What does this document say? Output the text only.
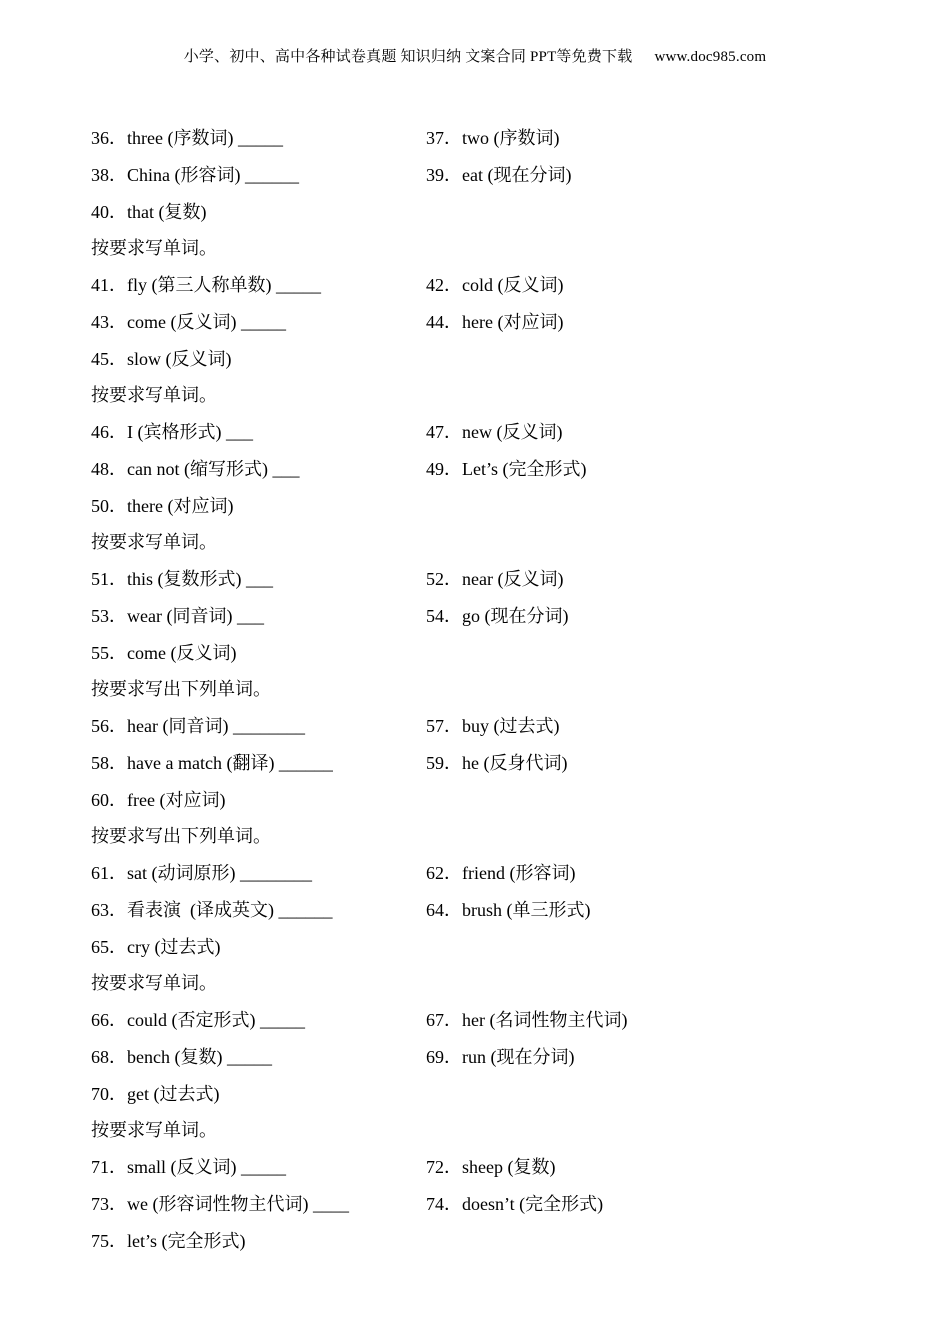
小学、初中、高中各种试卷真题 知识归纳 文案合同 PPT等免费下载 www.doc985.com
36．three (序数词) _____	37．two (序数词)
38．China (形容词) ______	39．eat (现在分词)
40．that (复数)
按要求写单词。
41．fly (第三人称单数) _____	42．cold (反义词)
43．come (反义词) _____	44．here (对应词)
45．slow (反义词)
按要求写单词。
46．I (宾格形式) ___	47．new (反义词)
48．can not (缩写形式) ___	49．Let’s (完全形式)
50．there (对应词)
按要求写单词。
51．this (复数形式) ___	52．near (反义词)
53．wear (同音词) ___	54．go (现在分词)
55．come (反义词)
按要求写出下列单词。
56．hear (同音词) ________	57．buy (过去式)
58．have a match (翻译) ______	59．he (反身代词)
60．free (对应词)
按要求写出下列单词。
61．sat (动词原形) ________	62．friend (形容词)
63．看表演  (译成英文) ______	64．brush (单三形式)
65．cry (过去式)
按要求写单词。
66．could (否定形式) _____	67．her (名词性物主代词)
68．bench (复数) _____	69．run (现在分词)
70．get (过去式)
按要求写单词。
71．small (反义词) _____	72．sheep (复数)
73．we (形容词性物主代词) ____	74．doesn’t (完全形式)
75．let’s (完全形式)
